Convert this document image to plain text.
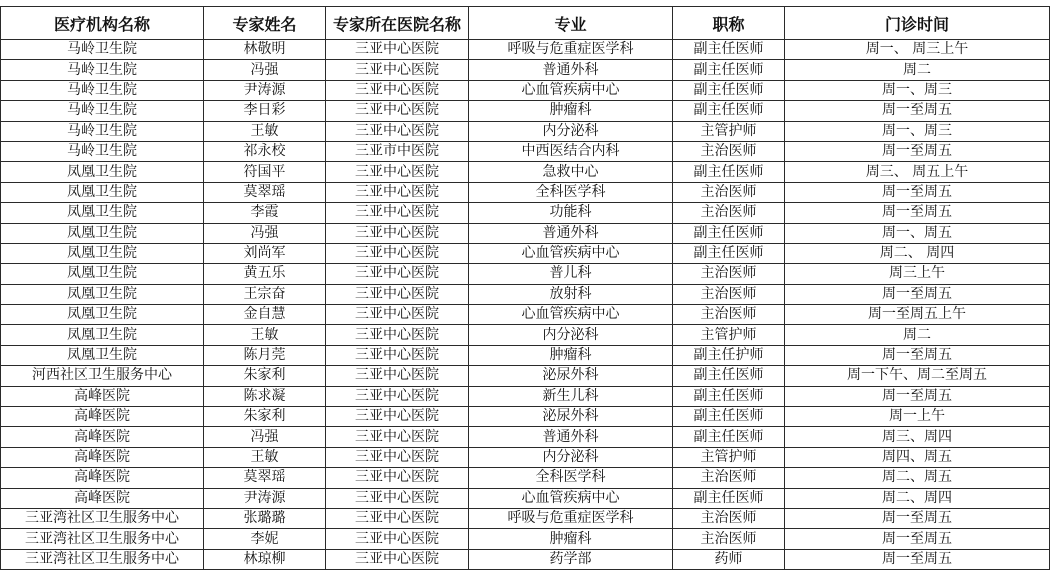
医疗机构名称	专家姓名	专家所在医院名称	专业	职称	门诊时间
马岭卫生院	林敬明	三亚中心医院	呼吸与危重症医学科	副主任医师	周一、 周三上午
马岭卫生院	冯强	三亚中心医院	普通外科	副主任医师	周二
马岭卫生院	尹涛源	三亚中心医院	心血管疾病中心	副主任医师	周一、周三
马岭卫生院	李日彩	三亚中心医院	肿瘤科	副主任医师	周一至周五
马岭卫生院	王敏	三亚中心医院	内分泌科	主管护师	周一、周三
马岭卫生院	祁永校	三亚市中医院	中西医结合内科	主治医师	周一至周五
凤凰卫生院	符国平	三亚中心医院	急救中心	副主任医师	周三、 周五上午
凤凰卫生院	莫翠瑶	三亚中心医院	全科医学科	主治医师	周一至周五
凤凰卫生院	李霞	三亚中心医院	功能科	主治医师	周一至周五
凤凰卫生院	冯强	三亚中心医院	普通外科	副主任医师	周一、周五
凤凰卫生院	刘尚军	三亚中心医院	心血管疾病中心	副主任医师	周二、 周四
凤凰卫生院	黄五乐	三亚中心医院	普儿科	主治医师	周三上午
凤凰卫生院	王宗奋	三亚中心医院	放射科	主治医师	周一至周五
凤凰卫生院	金自慧	三亚中心医院	心血管疾病中心	主治医师	周一至周五上午
凤凰卫生院	王敏	三亚中心医院	内分泌科	主管护师	周二
凤凰卫生院	陈月莞	三亚中心医院	肿瘤科	副主任护师	周一至周五
河西社区卫生服务中心	朱家利	三亚中心医院	泌尿外科	副主任医师	周一下午、周二至周五
高峰医院	陈求凝	三亚中心医院	新生儿科	副主任医师	周一至周五
高峰医院	朱家利	三亚中心医院	泌尿外科	副主任医师	周一上午
高峰医院	冯强	三亚中心医院	普通外科	副主任医师	周三、周四
高峰医院	王敏	三亚中心医院	内分泌科	主管护师	周四、周五
高峰医院	莫翠瑶	三亚中心医院	全科医学科	主治医师	周二、周五
高峰医院	尹涛源	三亚中心医院	心血管疾病中心	副主任医师	周二、周四
三亚湾社区卫生服务中心	张璐璐	三亚中心医院	呼吸与危重症医学科	主治医师	周一至周五
三亚湾社区卫生服务中心	李妮	三亚中心医院	肿瘤科	主治医师	周一至周五
三亚湾社区卫生服务中心	林琼柳	三亚中心医院	药学部	药师	周一至周五
